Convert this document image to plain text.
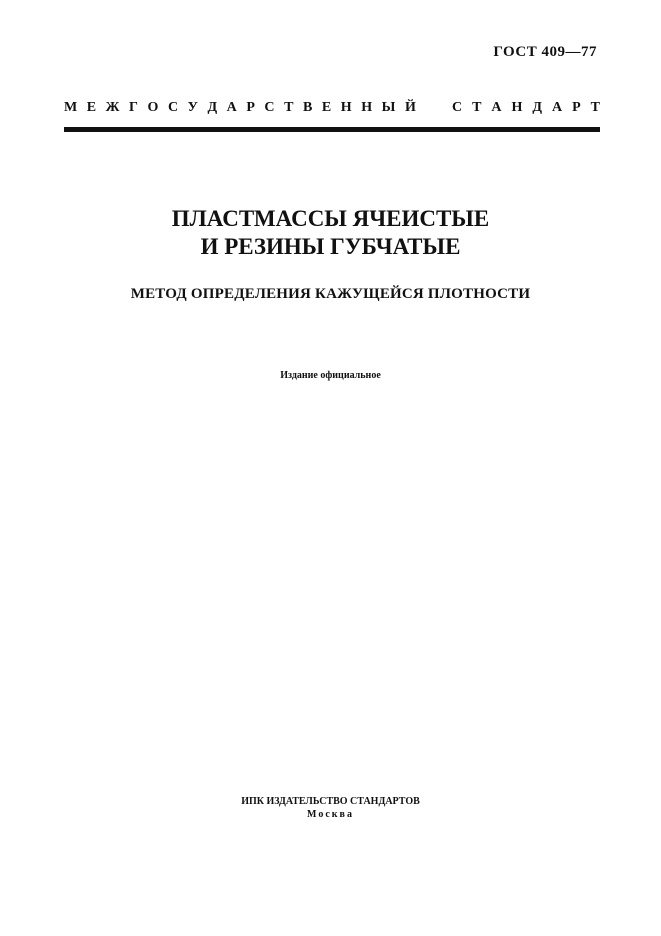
ГОСТ 409—77
М Е Ж Г О С У Д А Р С Т В Е Н Н Ы Й	С Т А Н Д А Р Т
ПЛАСТМАССЫ ЯЧЕИСТЫЕ
И РЕЗИНЫ ГУБЧАТЫЕ
МЕТОД ОПРЕДЕЛЕНИЯ КАЖУЩЕЙСЯ ПЛОТНОСТИ
Издание официальное
ИПК ИЗДАТЕЛЬСТВО СТАНДАРТОВ
Москва
